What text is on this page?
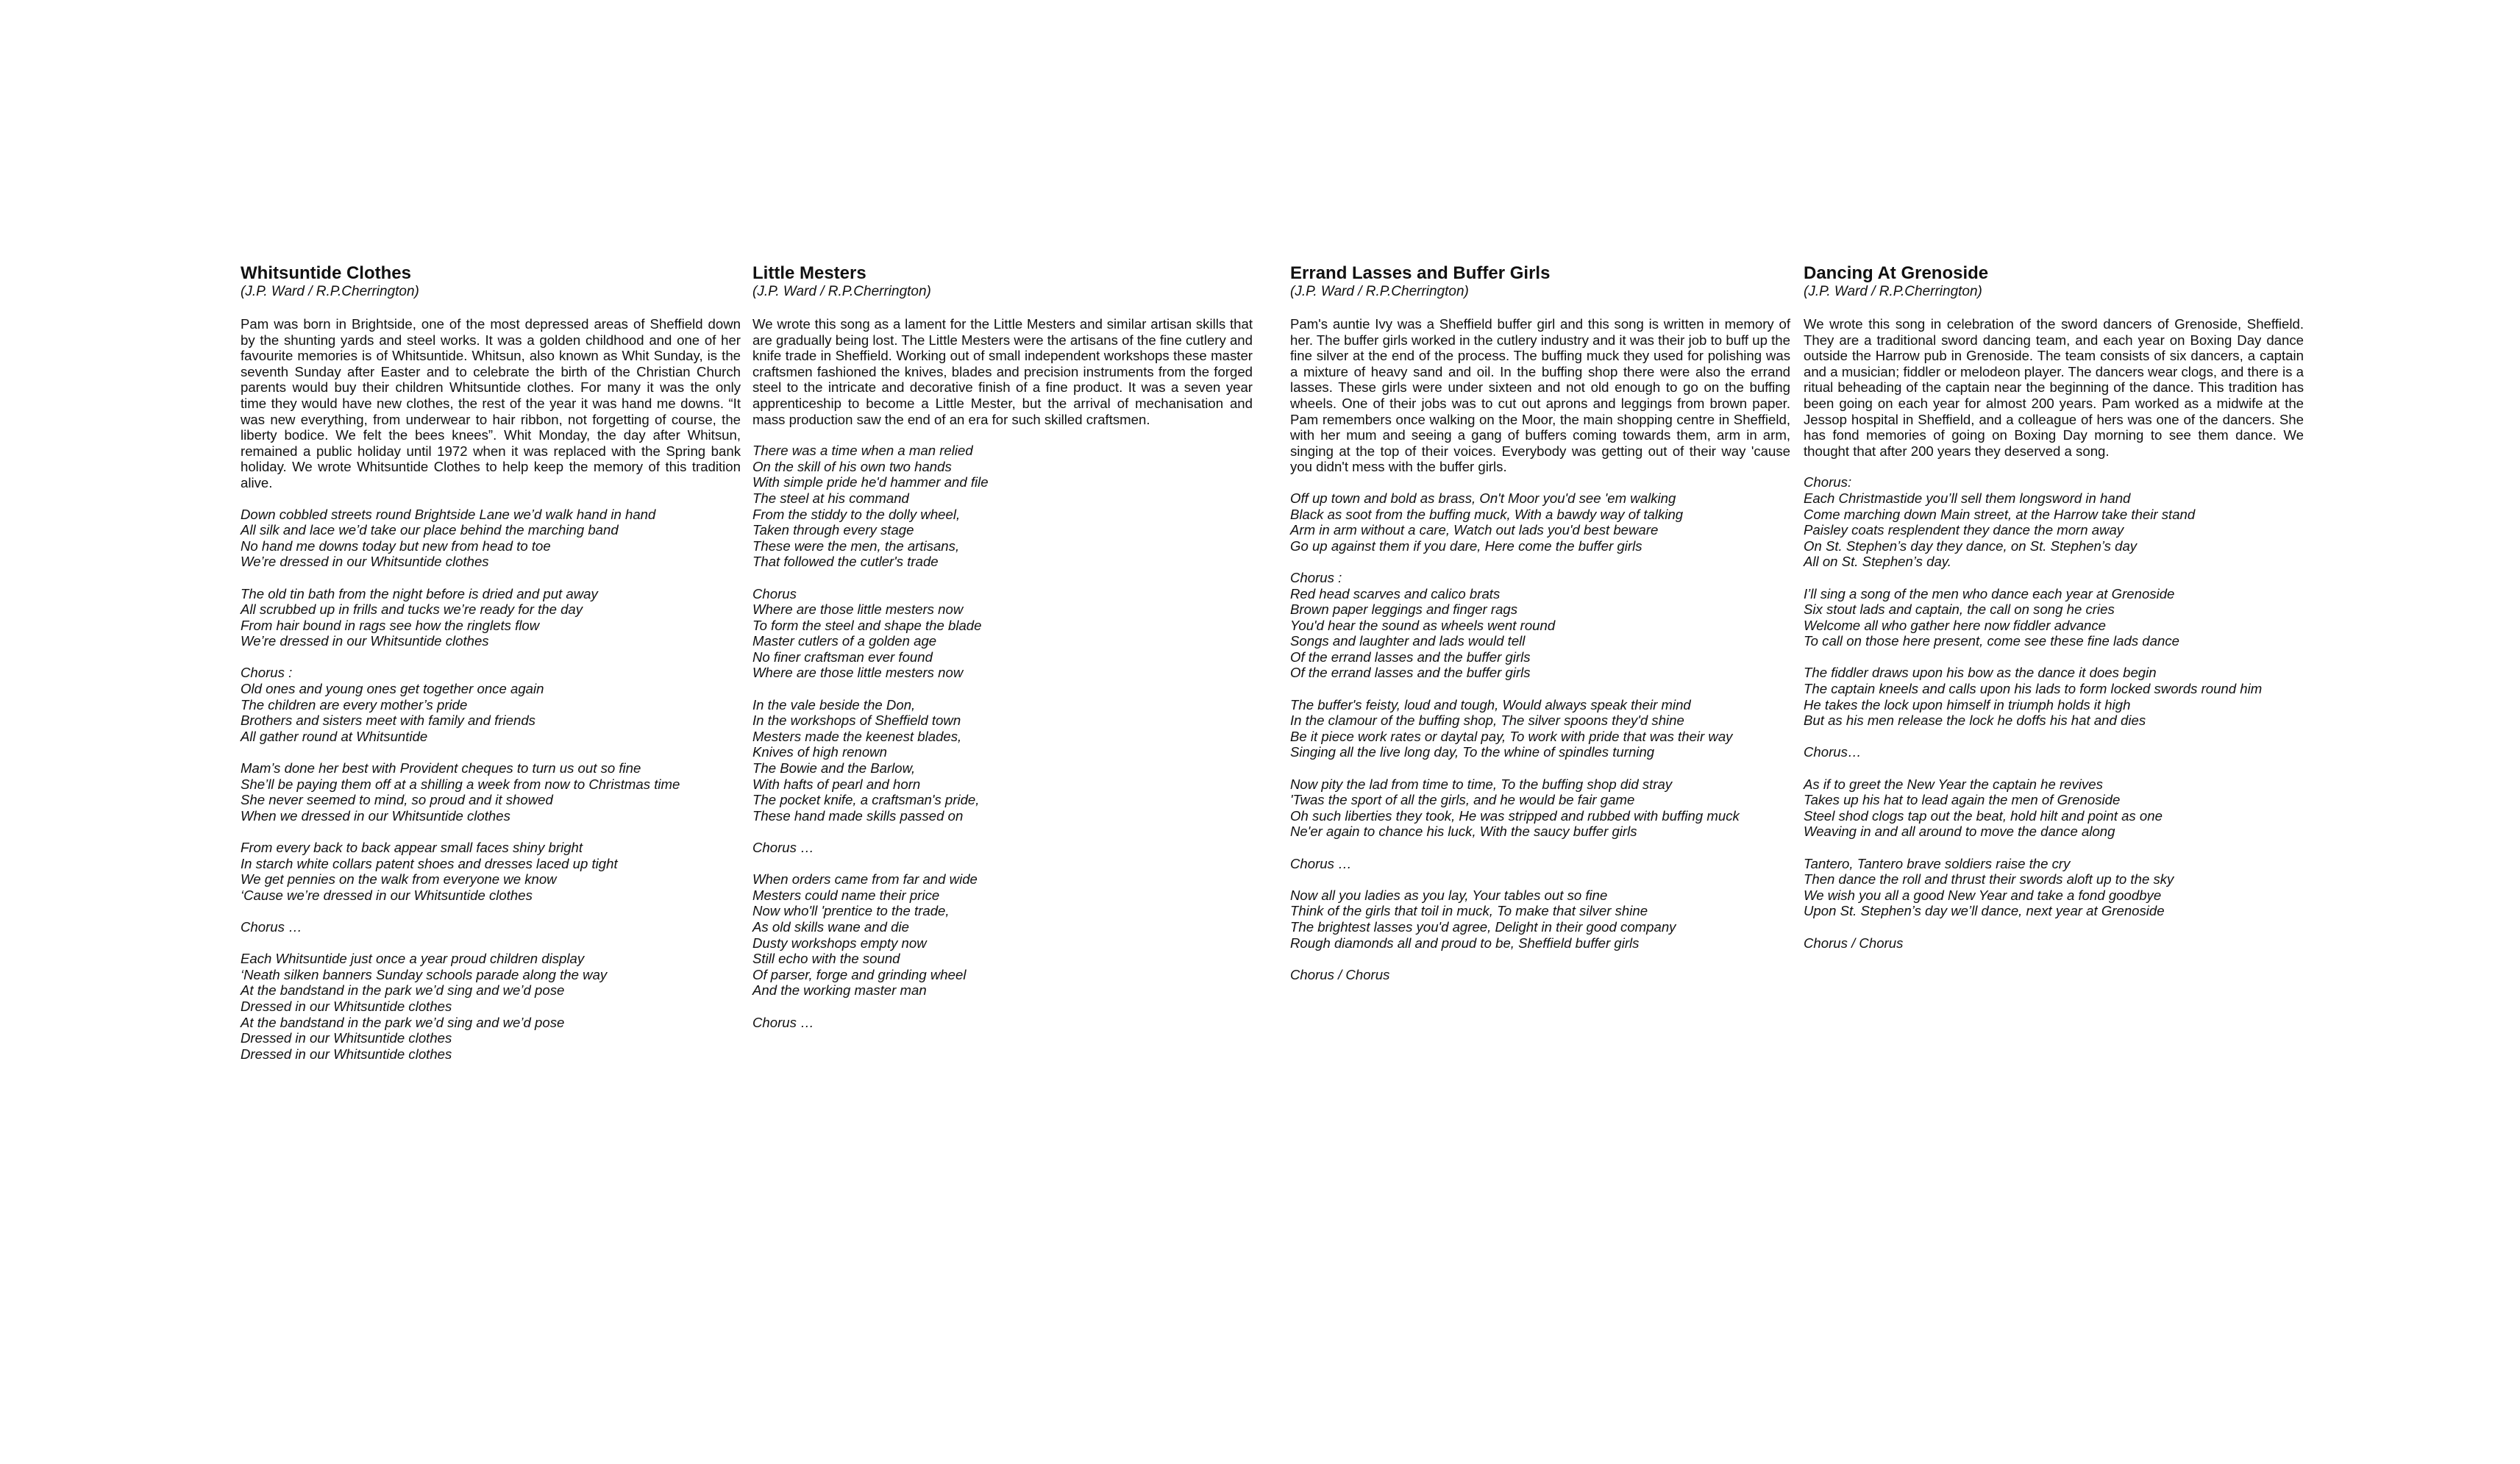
Whitsuntide Clothes
(J.P. Ward / R.P.Cherrington)

Pam was born in Brightside, one of the most depressed areas of Sheffield down by the shunting yards and steel works. It was a golden childhood and one of her favourite memories is of Whitsuntide. Whitsun, also known as Whit Sunday, is the seventh Sunday after Easter and to celebrate the birth of the Christian Church parents would buy their children Whitsuntide clothes. For many it was the only time they would have new clothes, the rest of the year it was hand me downs. “It was new everything, from underwear to hair ribbon, not forgetting of course, the liberty bodice. We felt the bees knees”. Whit Monday, the day after Whitsun, remained a public holiday until 1972 when it was replaced with the Spring bank holiday. We wrote Whitsuntide Clothes to help keep the memory of this tradition alive.

Down cobbled streets round Brightside Lane we’d walk hand in hand
All silk and lace we’d take our place behind the marching band
No hand me downs today but new from head to toe
We’re dressed in our Whitsuntide clothes
The old tin bath from the night before is dried and put away
All scrubbed up in frills and tucks we’re ready for the day
From hair bound in rags see how the ringlets flow
We’re dressed in our Whitsuntide clothes
Chorus :
Old ones and young ones get together once again
The children are every mother’s pride
Brothers and sisters meet with family and friends
All gather round at Whitsuntide
Mam’s done her best with Provident cheques to turn us out so fine
She’ll be paying them off at a shilling a week from now to Christmas time
She never seemed to mind, so proud and it showed
When we dressed in our Whitsuntide clothes
From every back to back appear small faces shiny bright
In starch white collars patent shoes and dresses laced up tight
We get pennies on the walk from everyone we know
‘Cause we’re dressed in our Whitsuntide clothes
Chorus …
Each Whitsuntide just once a year proud children display
‘Neath silken banners Sunday schools parade along the way
At the bandstand in the park we’d sing and we’d pose
Dressed in our Whitsuntide clothes
At the bandstand in the park we’d sing and we’d pose
Dressed in our Whitsuntide clothes
Dressed in our Whitsuntide clothes
Little Mesters
(J.P. Ward / R.P.Cherrington)

We wrote this song as a lament for the Little Mesters and similar artisan skills that are gradually being lost. The Little Mesters were the artisans of the fine cutlery and knife trade in Sheffield. Working out of small independent workshops these master craftsmen fashioned the knives, blades and precision instruments from the forged steel to the intricate and decorative finish of a fine product. It was a seven year apprenticeship to become a Little Mester, but the arrival of mechanisation and mass production saw the end of an era for such skilled craftsmen.

There was a time when a man relied
On the skill of his own two hands
With simple pride he'd hammer and file
The steel at his command
From the stiddy to the dolly wheel,
Taken through every stage
These were the men, the artisans,
That followed the cutler's trade
Chorus
Where are those little mesters now
To form the steel and shape the blade
Master cutlers of a golden age
No finer craftsman ever found
Where are those little mesters now
In the vale beside the Don,
In the workshops of Sheffield town
Mesters made the keenest blades,
Knives of high renown
The Bowie and the Barlow,
With hafts of pearl and horn
The pocket knife, a craftsman's pride,
These hand made skills passed on
Chorus …
When orders came from far and wide
Mesters could name their price
Now who'll 'prentice to the trade,
As old skills wane and die
Dusty workshops empty now
Still echo with the sound
Of parser, forge and grinding wheel
And the working master man
Chorus …
Errand Lasses and Buffer Girls
(J.P. Ward / R.P.Cherrington)

Pam's auntie Ivy was a Sheffield buffer girl and this song is written in memory of her. The buffer girls worked in the cutlery industry and it was their job to buff up the fine silver at the end of the process. The buffing muck they used for polishing was a mixture of heavy sand and oil. In the buffing shop there were also the errand lasses. These girls were under sixteen and not old enough to go on the buffing wheels. One of their jobs was to cut out aprons and leggings from brown paper. Pam remembers once walking on the Moor, the main shopping centre in Sheffield, with her mum and seeing a gang of buffers coming towards them, arm in arm, singing at the top of their voices. Everybody was getting out of their way 'cause you didn't mess with the buffer girls.

Off up town and bold as brass, On't Moor you'd see 'em walking
Black as soot from the buffing muck, With a bawdy way of talking
Arm in arm without a care, Watch out lads you'd best beware
Go up against them if you dare, Here come the buffer girls
Chorus :
Red head scarves and calico brats
Brown paper leggings and finger rags
You'd hear the sound as wheels went round
Songs and laughter and lads would tell
Of the errand lasses and the buffer girls
Of the errand lasses and the buffer girls
The buffer's feisty, loud and tough, Would always speak their mind
In the clamour of the buffing shop, The silver spoons they'd shine
Be it piece work rates or daytal pay, To work with pride that was their way
Singing all the live long day, To the whine of spindles turning
Now pity the lad from time to time, To the buffing shop did stray
'Twas the sport of all the girls, and he would be fair game
Oh such liberties they took, He was stripped and rubbed with buffing muck
Ne'er again to chance his luck, With the saucy buffer girls
Chorus …
Now all you ladies as you lay, Your tables out so fine
Think of the girls that toil in muck, To make that silver shine
The brightest lasses you'd agree, Delight in their good company
Rough diamonds all and proud to be, Sheffield buffer girls
Chorus / Chorus
Dancing At Grenoside
(J.P. Ward / R.P.Cherrington)

We wrote this song in celebration of the sword dancers of Grenoside, Sheffield. They are a traditional sword dancing team, and each year on Boxing Day dance outside the Harrow pub in Grenoside. The team consists of six dancers, a captain and a musician; fiddler or melodeon player. The dancers wear clogs, and there is a ritual beheading of the captain near the beginning of the dance. This tradition has been going on each year for almost 200 years. Pam worked as a midwife at the Jessop hospital in Sheffield, and a colleague of hers was one of the dancers. She has fond memories of going on Boxing Day morning to see them dance. We thought that after 200 years they deserved a song.

Chorus:
Each Christmastide you’ll sell them longsword in hand
Come marching down Main street, at the Harrow take their stand
Paisley coats resplendent they dance the morn away
On St. Stephen’s day they dance, on St. Stephen’s day
All on St. Stephen’s day.
I’ll sing a song of the men who dance each year at Grenoside
Six stout lads and captain, the call on song he cries
Welcome all who gather here now fiddler advance
To call on those here present, come see these fine lads dance
The fiddler draws upon his bow as the dance it does begin
The captain kneels and calls upon his lads to form locked swords round him
He takes the lock upon himself in triumph holds it high
But as his men release the lock he doffs his hat and dies
Chorus…
As if to greet the New Year the captain he revives
Takes up his hat to lead again the men of Grenoside
Steel shod clogs tap out the beat, hold hilt and point as one
Weaving in and all around to move the dance along
Tantero, Tantero brave soldiers raise the cry
Then dance the roll and thrust their swords aloft up to the sky
We wish you all a good New Year and take a fond goodbye
Upon St. Stephen’s day we’ll dance, next year at Grenoside
Chorus / Chorus
